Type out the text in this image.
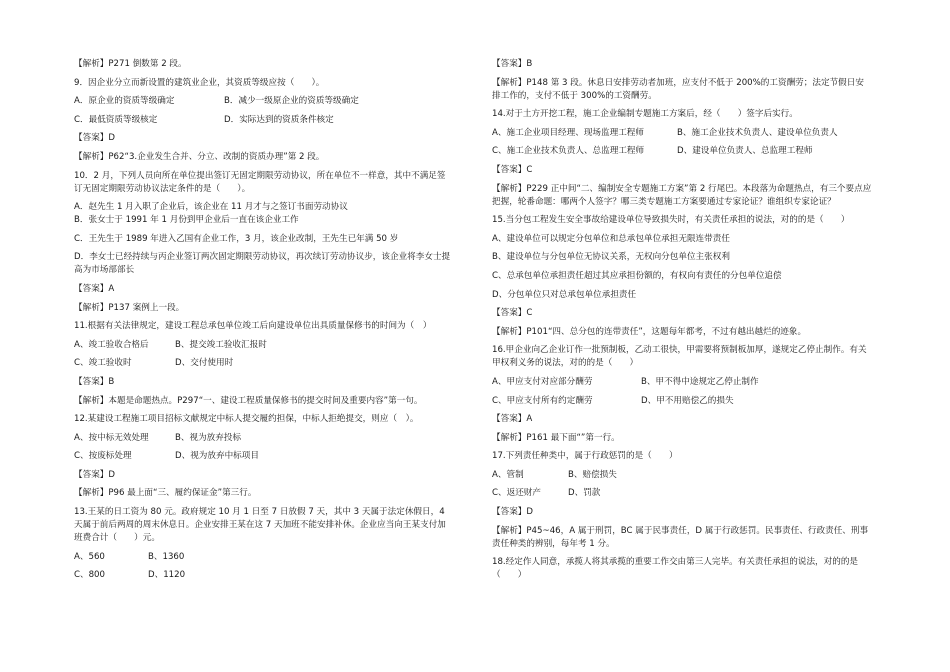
【解析】P271 倒数第 2 段。

9．因企业分立而新设置的建筑业企业，其资质等级应按（　　）。

A．原企业的资质等级确定	B．减少一级原企业的资质等级确定
C．最低资质等级核定	D．实际达到的资质条件核定

【答案】D

【解析】P62“3.企业发生合并、分立、改制的资质办理”第 2 段。

10．2 月，下列人员向所在单位提出签订无固定期限劳动协议，所在单位不一样意，其中不满足签订无固定期限劳动协议法定条件的是（　　）。

A．赵先生 1 月入职了企业后，该企业在 11 月才与之签订书面劳动协议
B．张女士于 1991 年 1 月份到甲企业后一直在该企业工作

C．王先生于 1989 年进入乙国有企业工作，3 月，该企业改制，王先生已年满 50 岁

D．李女士已经持续与丙企业签订两次固定期限劳动协议，再次续订劳动协议步，该企业将李女士提高为市场部部长

【答案】A

【解析】P137 案例上一段。

11.根据有关法律规定，建设工程总承包单位竣工后向建设单位出具质量保修书的时间为（　）

A、竣工验收合格后	B、提交竣工验收汇报时
C、竣工验收时	D、交付使用时

【答案】B

【解析】本题是命题热点。P297“一、建设工程质量保修书的提交时间及重要内容”第一句。

12.某建设工程施工项目招标文献规定中标人提交履约担保，中标人拒绝提交，则应（　）。

A、按中标无效处理	B、视为放弃投标
C、按废标处理	D、视为放弃中标项目

【答案】D

【解析】P96 最上面“三、履约保证金”第三行。

13.王某的日工资为 80 元。政府规定 10 月 1 日至 7 日放假 7 天，其中 3 天属于法定休假日，4 天属于前后两周的周末休息日。企业安排王某在这 7 天加班不能安排补休。企业应当向王某支付加班费合计（　　）元。

A、560	B、1360
C、800	D、1120

【答案】B

【解析】P148 第 3 段。休息日安排劳动者加班，应支付不低于 200%的工资酬劳；法定节假日安排工作的，支付不低于 300%的工资酬劳。

14.对于土方开挖工程，施工企业编制专题施工方案后，经（　　）签字后实行。

A、施工企业项目经理、现场监理工程师	B、施工企业技术负责人、建设单位负责人
C、施工企业技术负责人、总监理工程师	D、建设单位负责人、总监理工程师

【答案】C

【解析】P229 正中间“二、编制安全专题施工方案”第 2 行尾巴。本段落为命题热点，有三个要点应把握，轮番命题：哪两个人签字？哪三类专题施工方案要通过专家论证？谁组织专家论证？

15.当分包工程发生安全事故给建设单位导致损失时，有关责任承担的说法，对的的是（　　）

A、建设单位可以规定分包单位和总承包单位承担无限连带责任

B、建设单位与分包单位无协议关系，无权向分包单位主张权利

C、总承包单位承担责任超过其应承担份额的，有权向有责任的分包单位追偿

D、分包单位只对总承包单位承担责任

【答案】C

【解析】P101“四、总分包的连带责任”，这题每年都考，不过有越出越烂的迹象。

16.甲企业向乙企业订作一批预制板，乙动工很快，甲需要将预制板加厚，遂规定乙停止制作。有关甲权利义务的说法，对的的是（　　）

A、甲应支付对应部分酬劳	B、甲不得中途规定乙停止制作
C、甲应支付所有约定酬劳	D、甲不用赔偿乙的损失

【答案】A

【解析】P161 最下面“”第一行。

17.下列责任种类中，属于行政惩罚的是（　　）

A、管制	B、赔偿损失
C、返还财产	D、罚款

【答案】D

【解析】P45~46，A 属于刑罚，BC 属于民事责任，D 属于行政惩罚。民事责任、行政责任、刑事责任种类的辨别，每年考 1 分。

18.经定作人同意，承揽人将其承揽的重要工作交由第三人完毕。有关责任承担的说法，对的的是（　　）
